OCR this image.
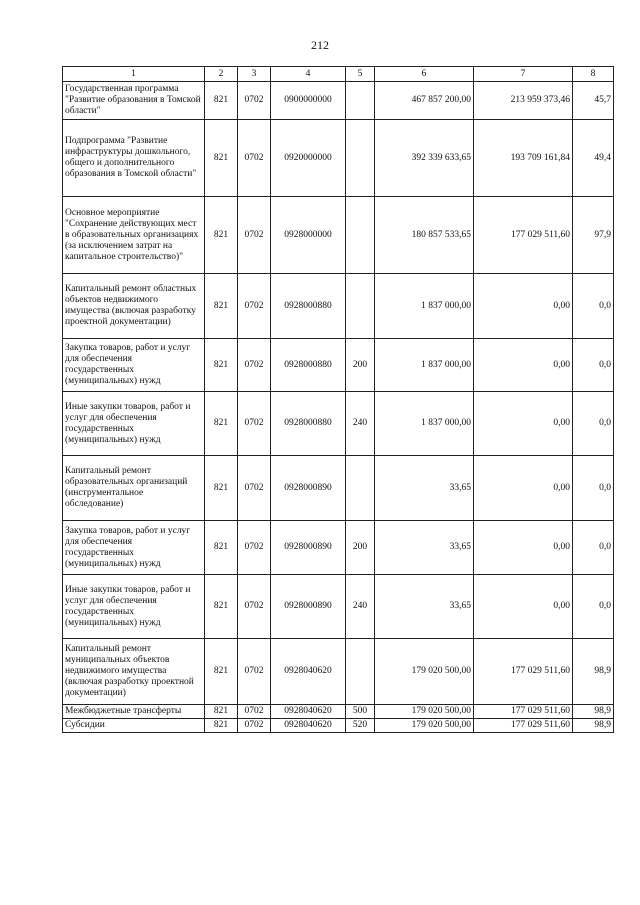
212
1	2	3	4	5	6	7	8
Государственная программа "Развитие образования в Томской области"	821	0702	0900000000		467 857 200,00	213 959 373,46	45,7
Подпрограмма "Развитие инфраструктуры дошкольного, общего и дополнительного образования в Томской области"	821	0702	0920000000		392 339 633,65	193 709 161,84	49,4
Основное мероприятие "Сохранение действующих мест в образовательных организациях (за исключением затрат на капитальное строительство)"	821	0702	0928000000		180 857 533,65	177 029 511,60	97,9
Капитальный ремонт областных объектов недвижимого имущества (включая разработку проектной документации)	821	0702	0928000880		1 837 000,00	0,00	0,0
Закупка товаров, работ и услуг для обеспечения государственных (муниципальных) нужд	821	0702	0928000880	200	1 837 000,00	0,00	0,0
Иные закупки товаров, работ и услуг для обеспечения государственных (муниципальных) нужд	821	0702	0928000880	240	1 837 000,00	0,00	0,0
Капитальный ремонт образовательных организаций (инструментальное обследование)	821	0702	0928000890		33,65	0,00	0,0
Закупка товаров, работ и услуг для обеспечения государственных (муниципальных) нужд	821	0702	0928000890	200	33,65	0,00	0,0
Иные закупки товаров, работ и услуг для обеспечения государственных (муниципальных) нужд	821	0702	0928000890	240	33,65	0,00	0,0
Капитальный ремонт муниципальных объектов недвижимого имущества (включая разработку проектной документации)	821	0702	0928040620		179 020 500,00	177 029 511,60	98,9
Межбюджетные трансферты	821	0702	0928040620	500	179 020 500,00	177 029 511,60	98,9
Субсидии	821	0702	0928040620	520	179 020 500,00	177 029 511,60	98,9
